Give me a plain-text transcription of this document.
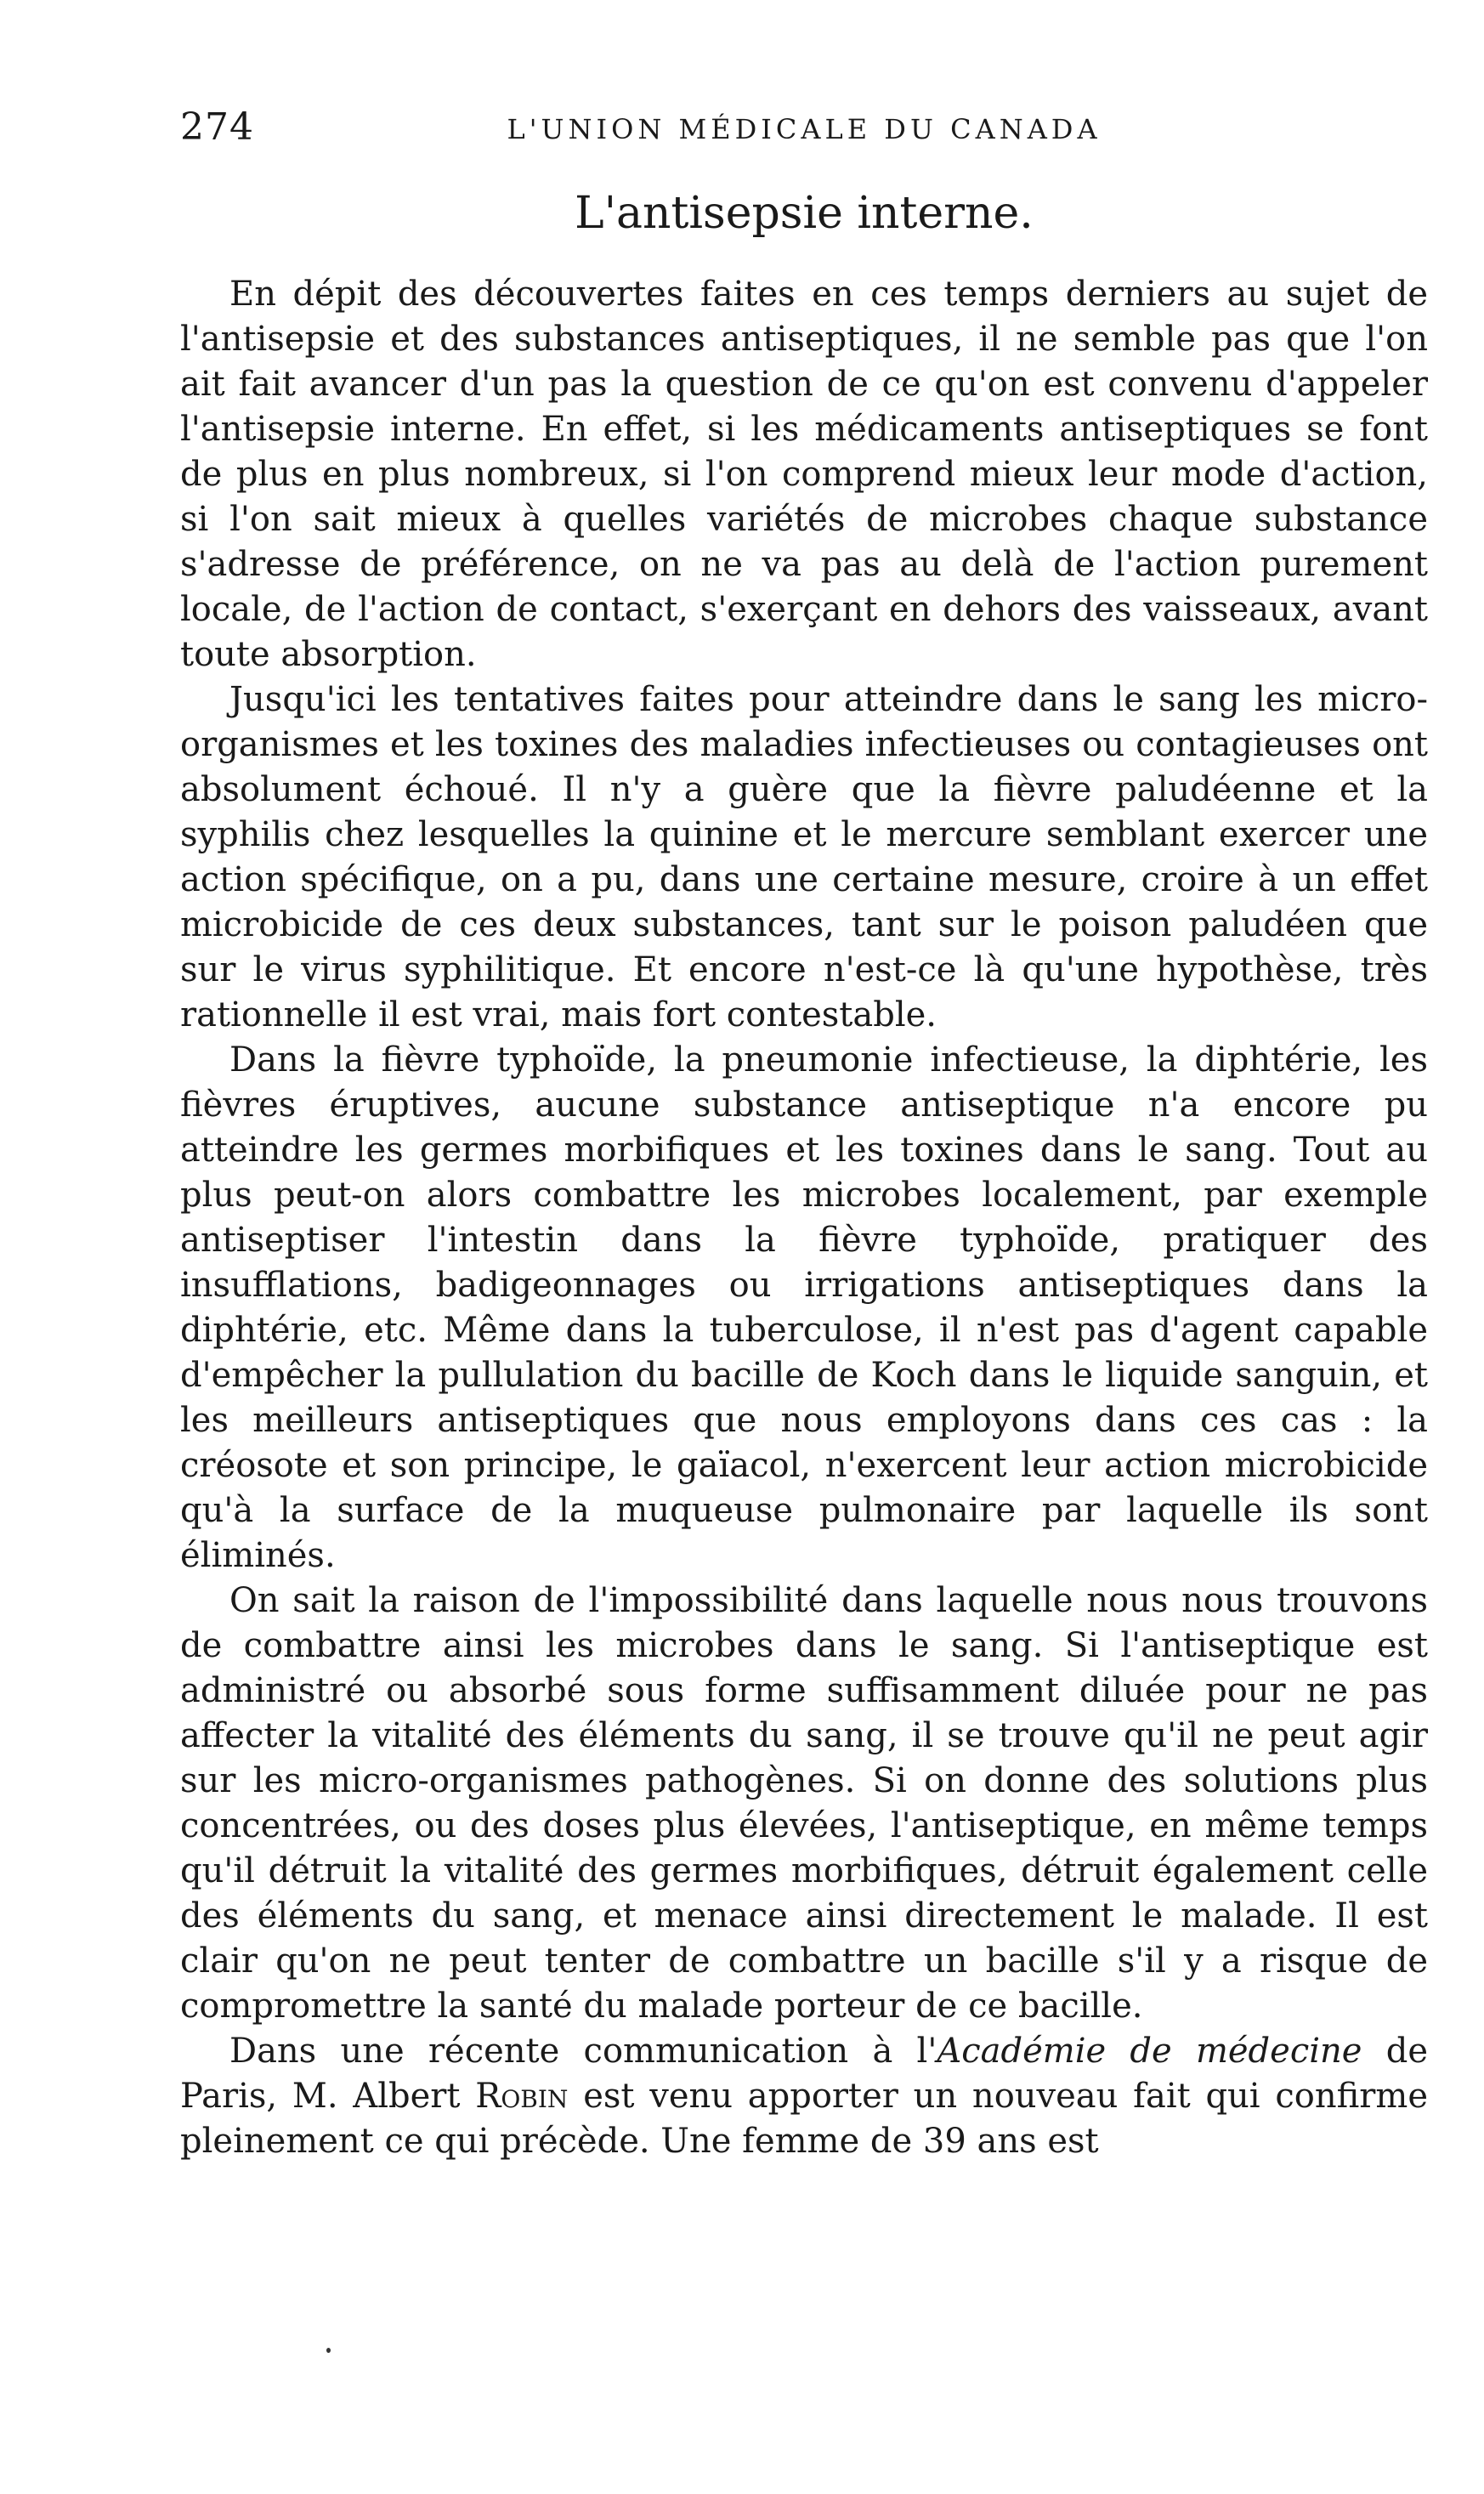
274	L'UNION MÉDICALE DU CANADA
L'antisepsie interne.

En dépit des découvertes faites en ces temps derniers au sujet de l'antisepsie et des substances antiseptiques, il ne semble pas que l'on ait fait avancer d'un pas la question de ce qu'on est convenu d'appeler l'antisepsie interne. En effet, si les médicaments antiseptiques se font de plus en plus nombreux, si l'on comprend mieux leur mode d'action, si l'on sait mieux à quelles variétés de microbes chaque substance s'adresse de préférence, on ne va pas au delà de l'action purement locale, de l'action de contact, s'exerçant en dehors des vaisseaux, avant toute absorption.

Jusqu'ici les tentatives faites pour atteindre dans le sang les micro-organismes et les toxines des maladies infectieuses ou contagieuses ont absolument échoué. Il n'y a guère que la fièvre paludéenne et la syphilis chez lesquelles la quinine et le mercure semblant exercer une action spécifique, on a pu, dans une certaine mesure, croire à un effet microbicide de ces deux substances, tant sur le poison paludéen que sur le virus syphilitique. Et encore n'est-ce là qu'une hypothèse, très rationnelle il est vrai, mais fort contestable.

Dans la fièvre typhoïde, la pneumonie infectieuse, la diphtérie, les fièvres éruptives, aucune substance antiseptique n'a encore pu atteindre les germes morbifiques et les toxines dans le sang. Tout au plus peut-on alors combattre les microbes localement, par exemple antiseptiser l'intestin dans la fièvre typhoïde, pratiquer des insufflations, badigeonnages ou irrigations antiseptiques dans la diphtérie, etc. Même dans la tuberculose, il n'est pas d'agent capable d'empêcher la pullulation du bacille de Koch dans le liquide sanguin, et les meilleurs antiseptiques que nous employons dans ces cas : la créosote et son principe, le gaïacol, n'exercent leur action microbicide qu'à la surface de la muqueuse pulmonaire par laquelle ils sont éliminés.

On sait la raison de l'impossibilité dans laquelle nous nous trouvons de combattre ainsi les microbes dans le sang. Si l'antiseptique est administré ou absorbé sous forme suffisamment diluée pour ne pas affecter la vitalité des éléments du sang, il se trouve qu'il ne peut agir sur les micro-organismes pathogènes. Si on donne des solutions plus concentrées, ou des doses plus élevées, l'antiseptique, en même temps qu'il détruit la vitalité des germes morbifiques, détruit également celle des éléments du sang, et menace ainsi directement le malade. Il est clair qu'on ne peut tenter de combattre un bacille s'il y a risque de compromettre la santé du malade porteur de ce bacille.

Dans une récente communication à l'Académie de médecine de Paris, M. Albert Robin est venu apporter un nouveau fait qui confirme pleinement ce qui précède. Une femme de 39 ans est
